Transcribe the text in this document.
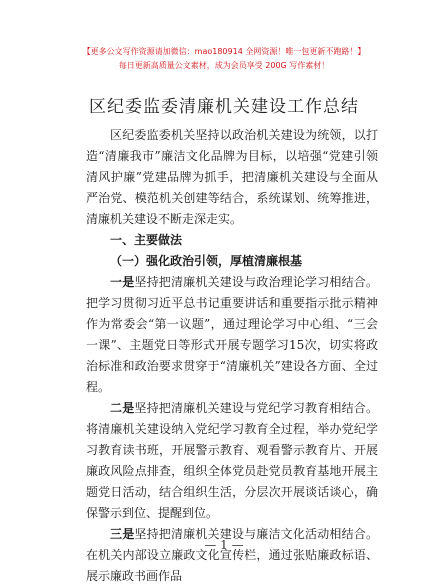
【更多公文写作资源请加微信：mao180914 全网资源！唯一包更新不跑路！】
每日更新高质量公文素材，成为会员享受 200G 写作素材！
区纪委监委清廉机关建设工作总结

区纪委监委机关坚持以政治机关建设为统领，以打造“清廉我市”廉洁文化品牌为目标，以培强“党建引领清风护廉”党建品牌为抓手，把清廉机关建设与全面从严治党、模范机关创建等结合，系统谋划、统筹推进，清廉机关建设不断走深走实。

一、主要做法

（一）强化政治引领，厚植清廉根基

一是坚持把清廉机关建设与政治理论学习相结合。把学习贯彻习近平总书记重要讲话和重要指示批示精神作为常委会“第一议题”，通过理论学习中心组、“三会一课”、主题党日等形式开展专题学习15次，切实将政治标准和政治要求贯穿于“清廉机关”建设各方面、全过程。

二是坚持把清廉机关建设与党纪学习教育相结合。将清廉机关建设纳入党纪学习教育全过程，举办党纪学习教育读书班，开展警示教育、观看警示教育片、开展廉政风险点排查，组织全体党员赴党员教育基地开展主题党日活动，结合组织生活，分层次开展谈话谈心，确保警示到位、提醒到位。

三是坚持把清廉机关建设与廉洁文化活动相结合。在机关内部设立廉政文化宣传栏，通过张贴廉政标语、展示廉政书画作品

— 1 —
